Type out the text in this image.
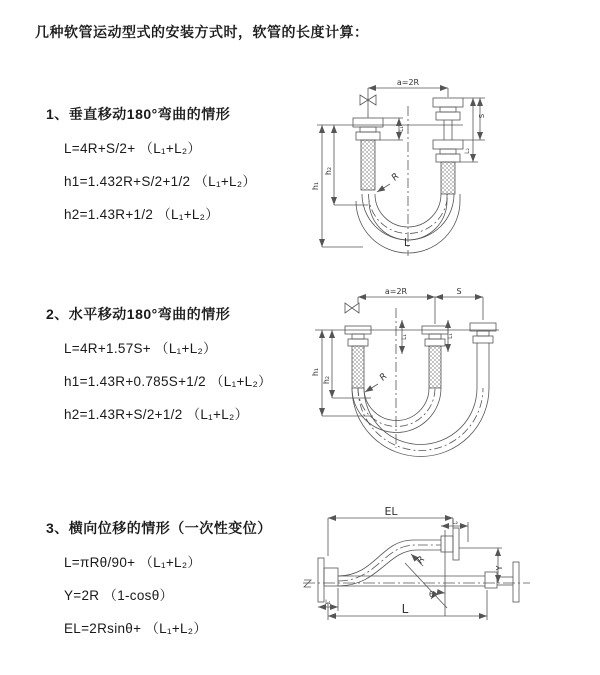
几种软管运动型式的安装方式时，软管的长度计算：
1、垂直移动180°弯曲的情形
L=4R+S/2+ （L₁+L₂）
h1=1.432R+S/2+1/2 （L₁+L₂）
h2=1.43R+1/2 （L₁+L₂）
2、水平移动180°弯曲的情形
L=4R+1.57S+ （L₁+L₂）
h1=1.43R+0.785S+1/2 （L₁+L₂）
h2=1.43R+S/2+1/2 （L₁+L₂）
3、横向位移的情形（一次性变位）
L=πRθ/90+ （L₁+L₂）
Y=2R （1-cosθ）
EL=2Rsinθ+ （L₁+L₂）
a=2R
h₁
h₂
L₁
S
L₂
R
L
a=2R	S
h₁
h₂
L₁	L₁
R
EL
L₂
Y
R
θ
L
L₁
